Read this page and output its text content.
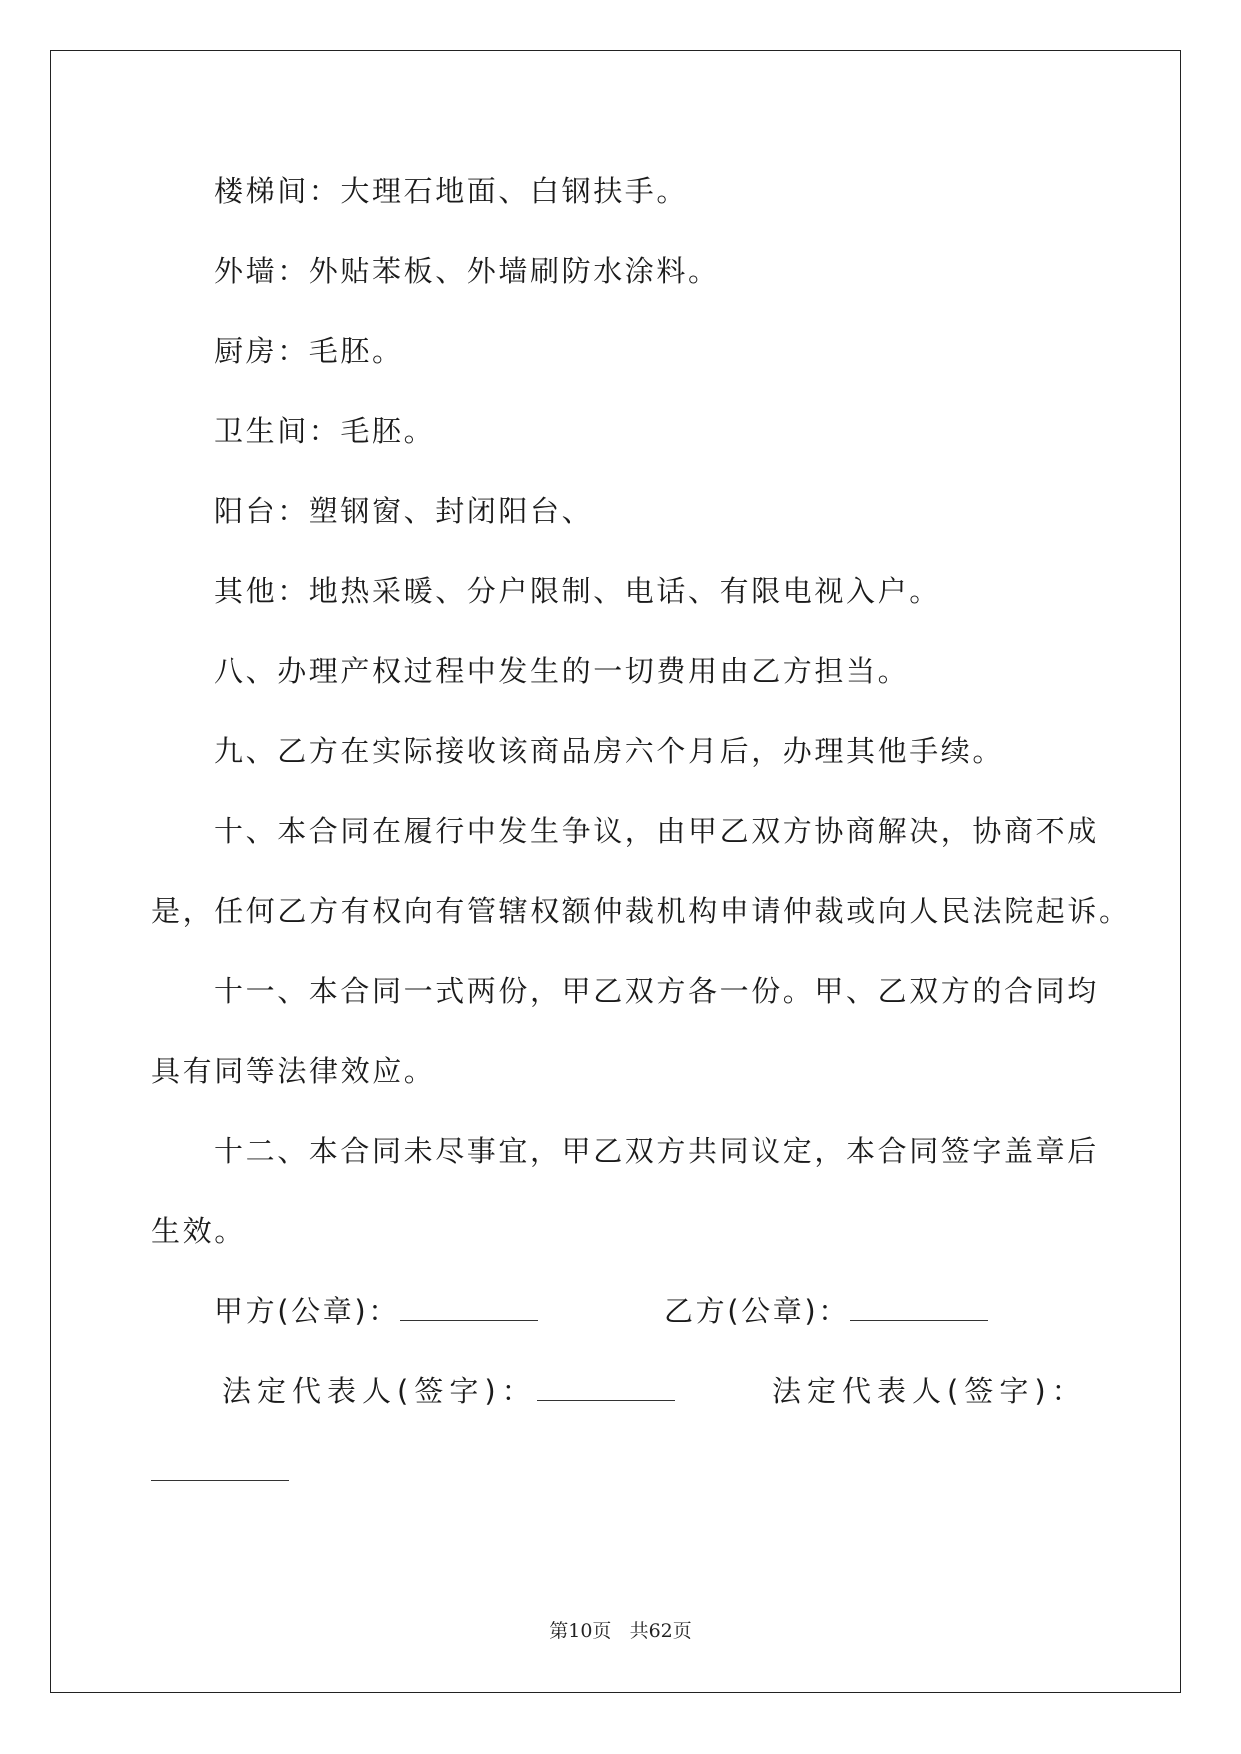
楼梯间：大理石地面、白钢扶手。
外墙：外贴苯板、外墙刷防水涂料。
厨房：毛胚。
卫生间：毛胚。
阳台：塑钢窗、封闭阳台、
其他：地热采暖、分户限制、电话、有限电视入户。
八、办理产权过程中发生的一切费用由乙方担当。
九、乙方在实际接收该商品房六个月后，办理其他手续。
十、本合同在履行中发生争议，由甲乙双方协商解决，协商不成
是，任何乙方有权向有管辖权额仲裁机构申请仲裁或向人民法院起诉。
十一、本合同一式两份，甲乙双方各一份。甲、乙双方的合同均
具有同等法律效应。
十二、本合同未尽事宜，甲乙双方共同议定，本合同签字盖章后
生效。
甲方(公章)：	乙方(公章)：
法定代表人(签字)：	法定代表人(签字)：
第10页 共62页
